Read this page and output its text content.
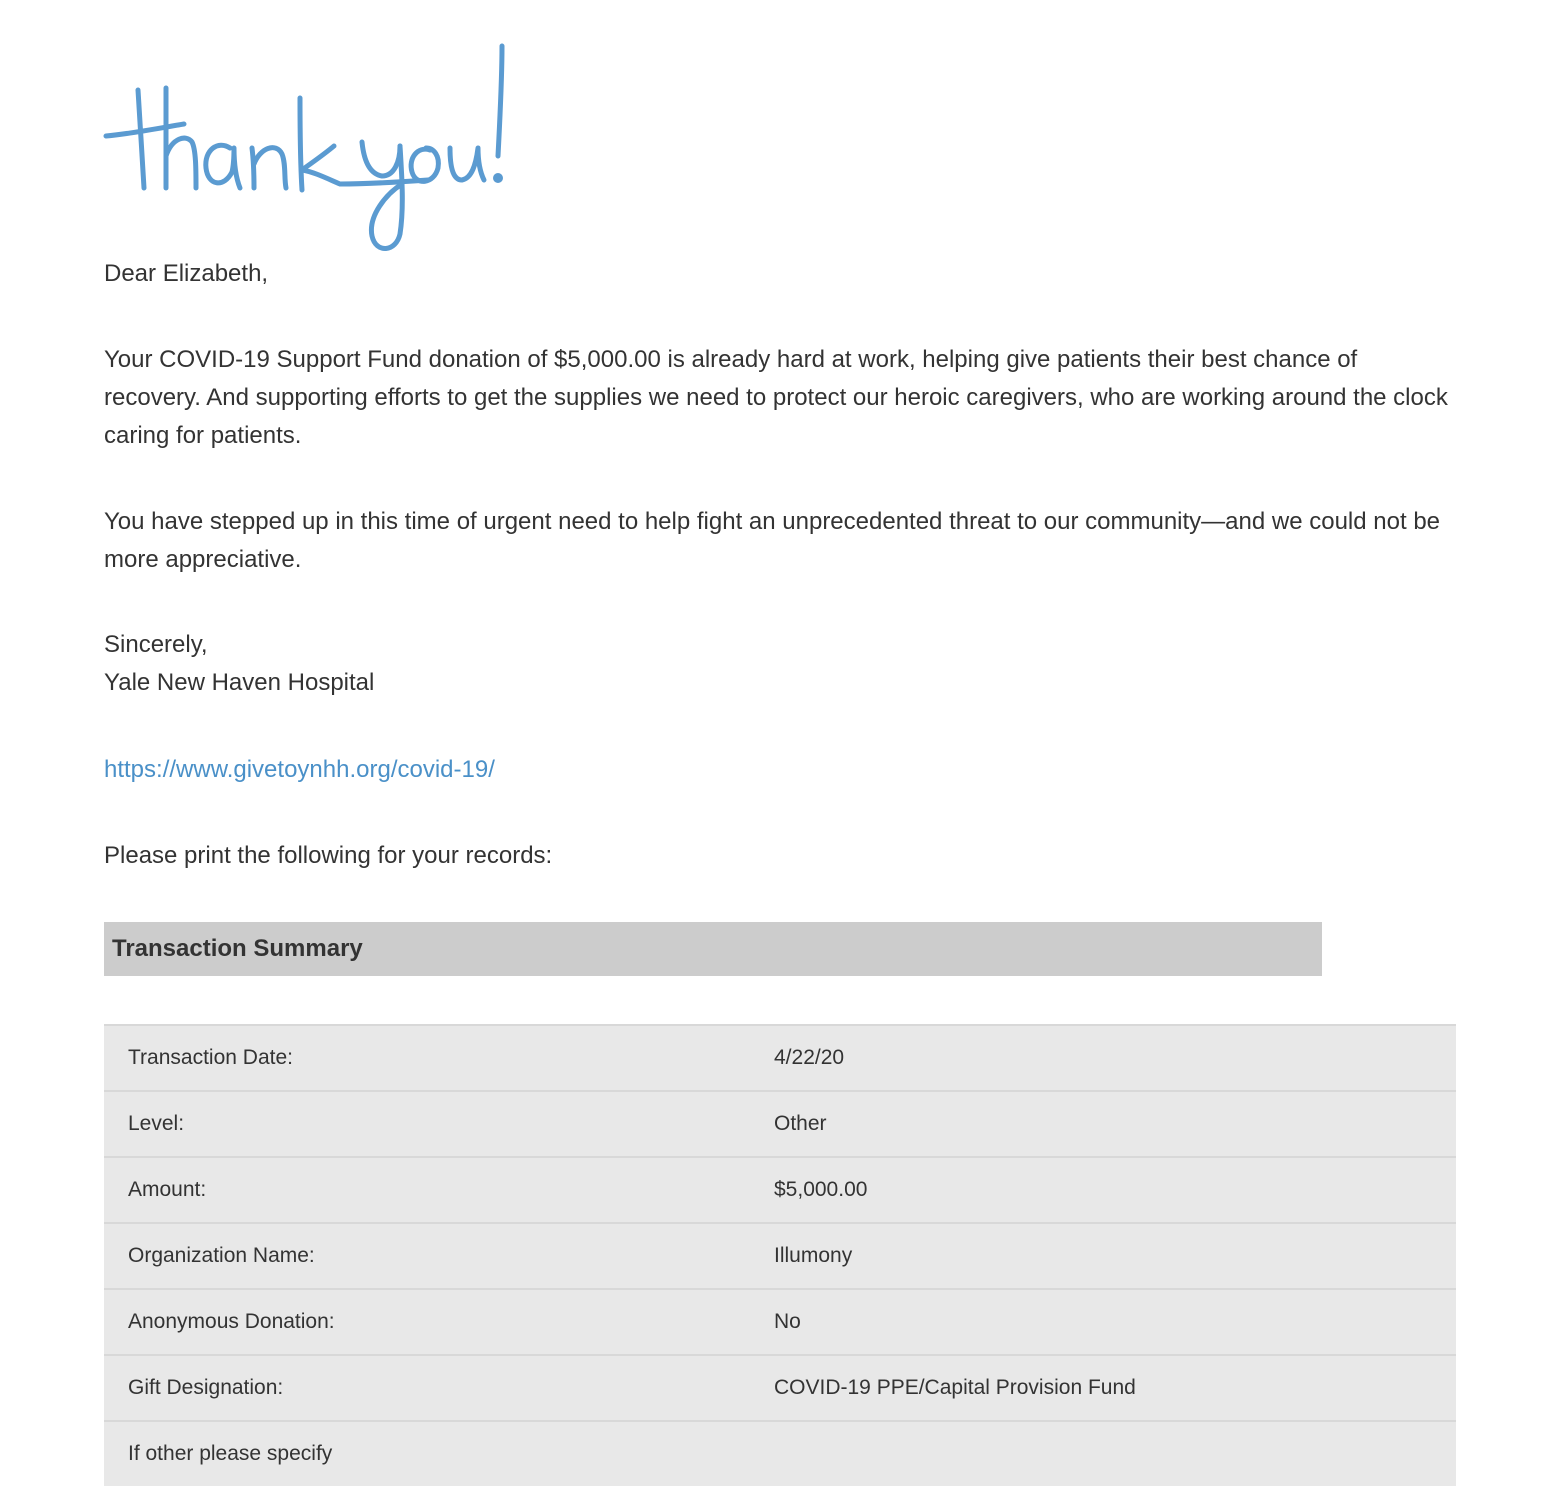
Dear Elizabeth,

Your COVID-19 Support Fund donation of $5,000.00 is already hard at work, helping give patients their best chance of recovery. And supporting efforts to get the supplies we need to protect our heroic caregivers, who are working around the clock caring for patients.

You have stepped up in this time of urgent need to help fight an unprecedented threat to our community—and we could not be more appreciative.

Sincerely,

Yale New Haven Hospital

https://www.givetoynhh.org/covid-19/

Please print the following for your records:

Transaction Summary
Transaction Date:	4/22/20
Level:	Other
Amount:	$5,000.00
Organization Name:	Illumony
Anonymous Donation:	No
Gift Designation:	COVID-19 PPE/Capital Provision Fund
If other please specify
